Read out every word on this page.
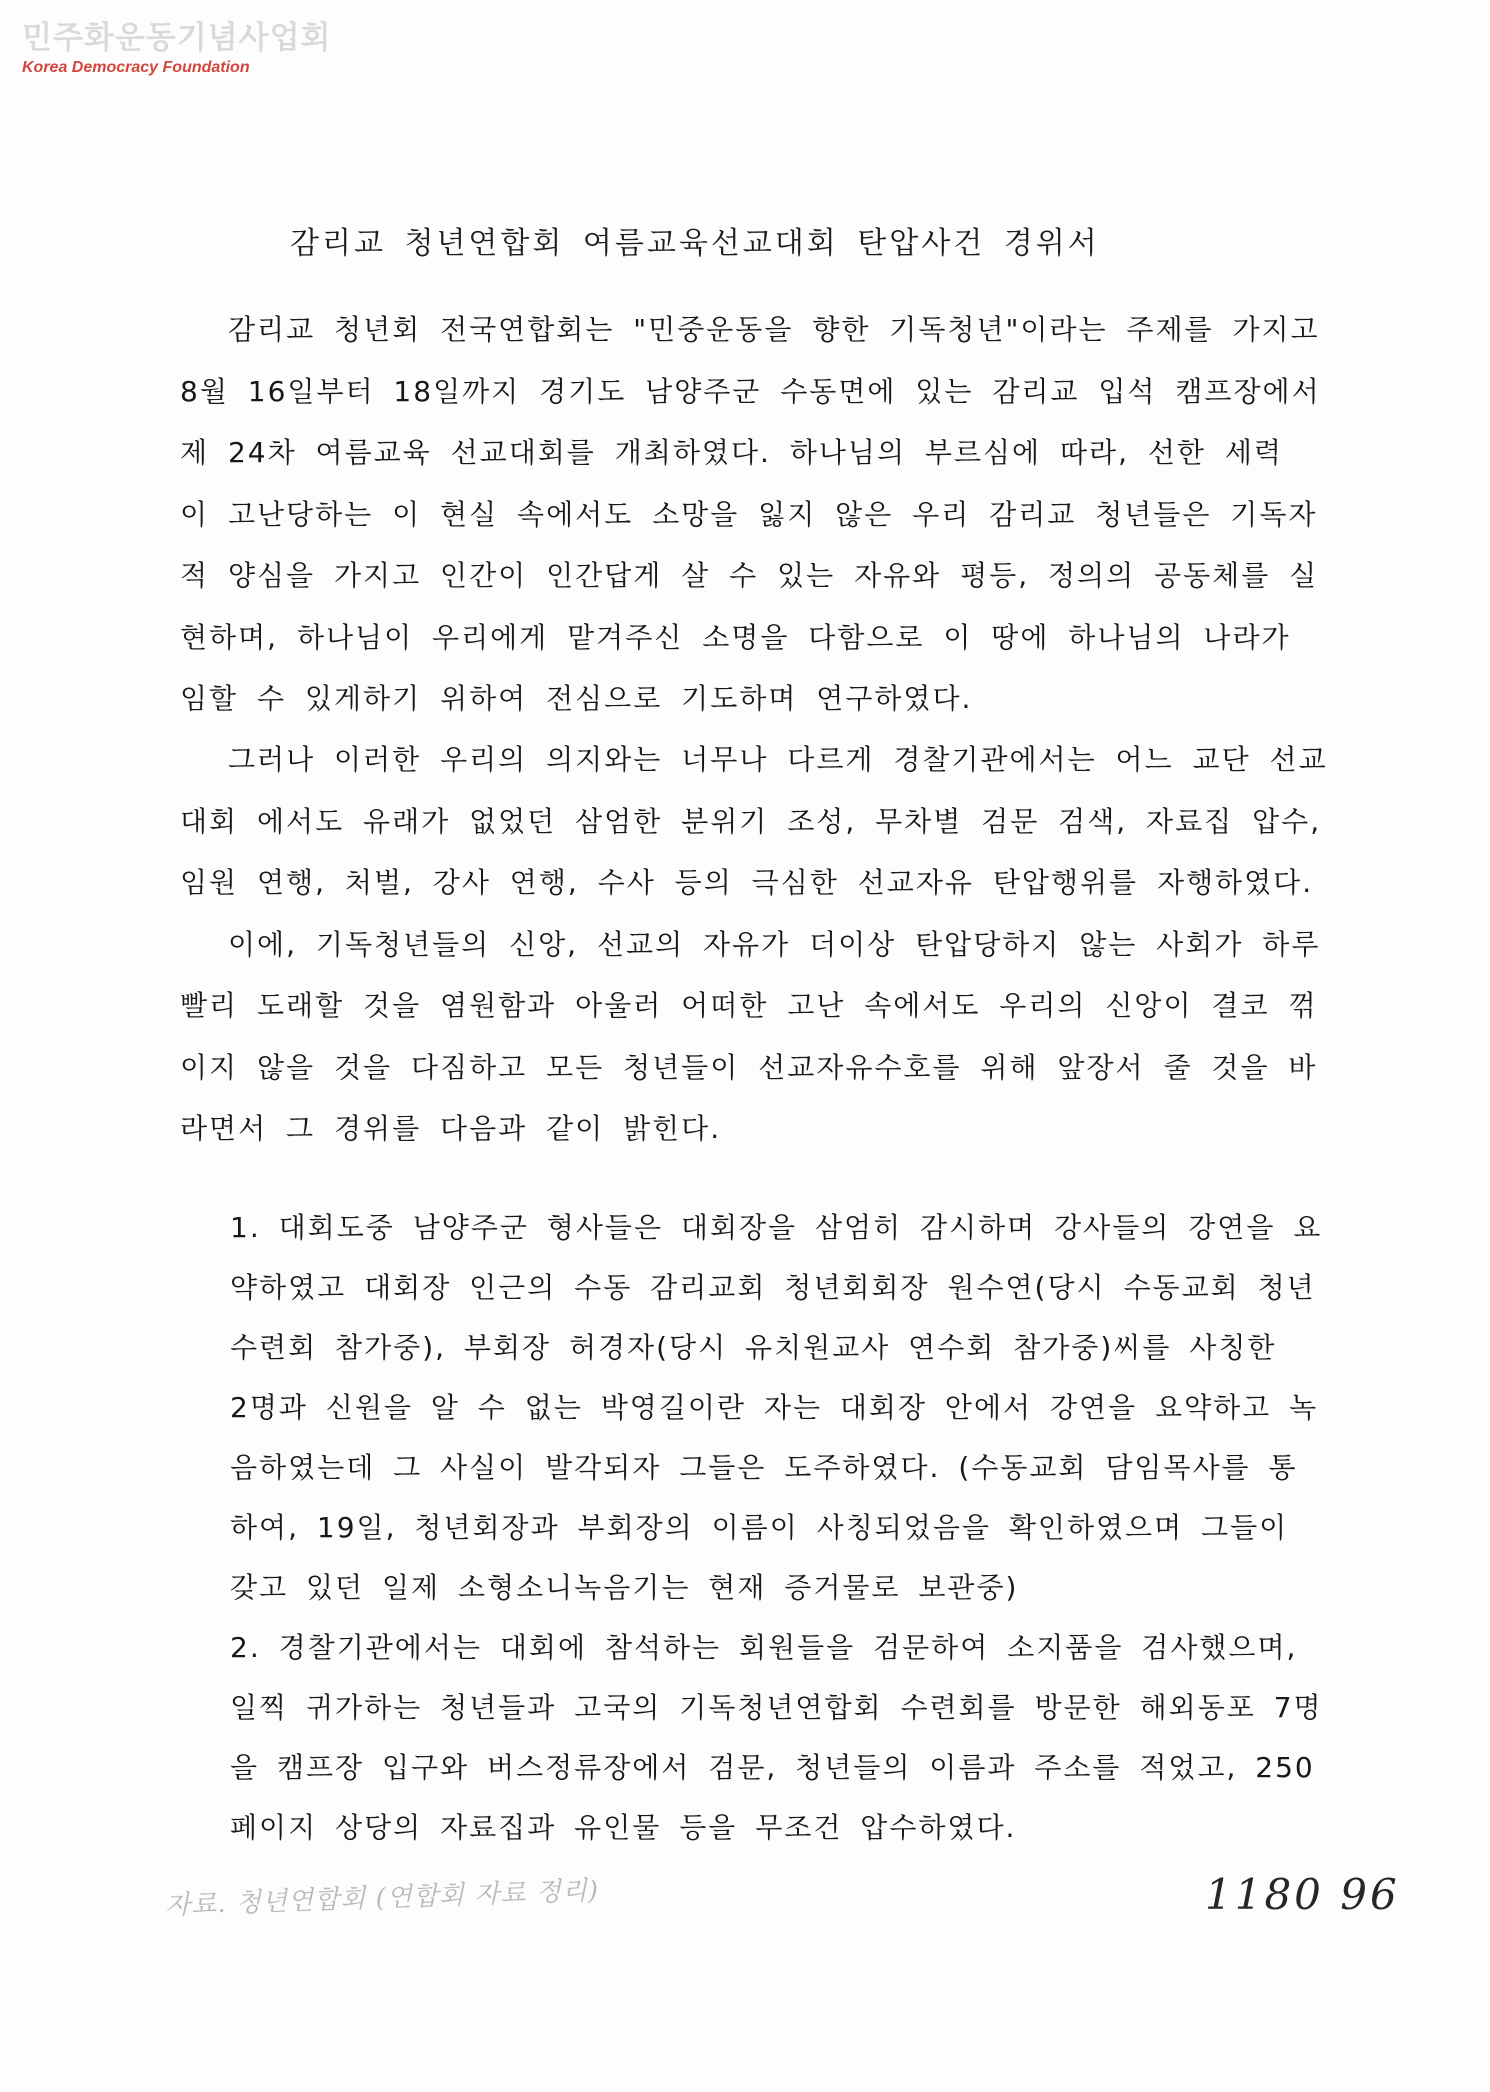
민주화운동기념사업회
Korea Democracy Foundation
감리교 청년연합회 여름교육선교대회 탄압사건 경위서
감리교 청년회 전국연합회는 "민중운동을 향한 기독청년"이라는 주제를 가지고
8월 16일부터 18일까지 경기도 남양주군 수동면에 있는 감리교 입석 캠프장에서
제 24차 여름교육 선교대회를 개최하였다. 하나님의 부르심에 따라, 선한 세력
이 고난당하는 이 현실 속에서도 소망을 잃지 않은 우리 감리교 청년들은 기독자
적 양심을 가지고 인간이 인간답게 살 수 있는 자유와 평등, 정의의 공동체를 실
현하며, 하나님이 우리에게 맡겨주신 소명을 다함으로 이 땅에 하나님의 나라가
임할 수 있게하기 위하여 전심으로 기도하며 연구하였다.
그러나 이러한 우리의 의지와는 너무나 다르게 경찰기관에서는 어느 교단 선교
대회 에서도 유래가 없었던 삼엄한 분위기 조성, 무차별 검문 검색, 자료집 압수,
임원 연행, 처벌, 강사 연행, 수사 등의 극심한 선교자유 탄압행위를 자행하였다.
이에, 기독청년들의 신앙, 선교의 자유가 더이상 탄압당하지 않는 사회가 하루
빨리 도래할 것을 염원함과 아울러 어떠한 고난 속에서도 우리의 신앙이 결코 꺾
이지 않을 것을 다짐하고 모든 청년들이 선교자유수호를 위해 앞장서 줄 것을 바
라면서 그 경위를 다음과 같이 밝힌다.
1. 대회도중 남양주군 형사들은 대회장을 삼엄히 감시하며 강사들의 강연을 요
약하였고 대회장 인근의 수동 감리교회 청년회회장 원수연(당시 수동교회 청년
수련회 참가중), 부회장 허경자(당시 유치원교사 연수회 참가중)씨를 사칭한
2명과 신원을 알 수 없는 박영길이란 자는 대회장 안에서 강연을 요약하고 녹
음하였는데 그 사실이 발각되자 그들은 도주하였다. (수동교회 담임목사를 통
하여, 19일, 청년회장과 부회장의 이름이 사칭되었음을 확인하였으며 그들이
갖고 있던 일제 소형소니녹음기는 현재 증거물로 보관중)
2. 경찰기관에서는 대회에 참석하는 회원들을 검문하여 소지품을 검사했으며,
일찍 귀가하는 청년들과 고국의 기독청년연합회 수련회를 방문한 해외동포 7명
을 캠프장 입구와 버스정류장에서 검문, 청년들의 이름과 주소를 적었고, 250
페이지 상당의 자료집과 유인물 등을 무조건 압수하였다.
자료. 청년연합회 (연합회 자료 정리)	1180 96
